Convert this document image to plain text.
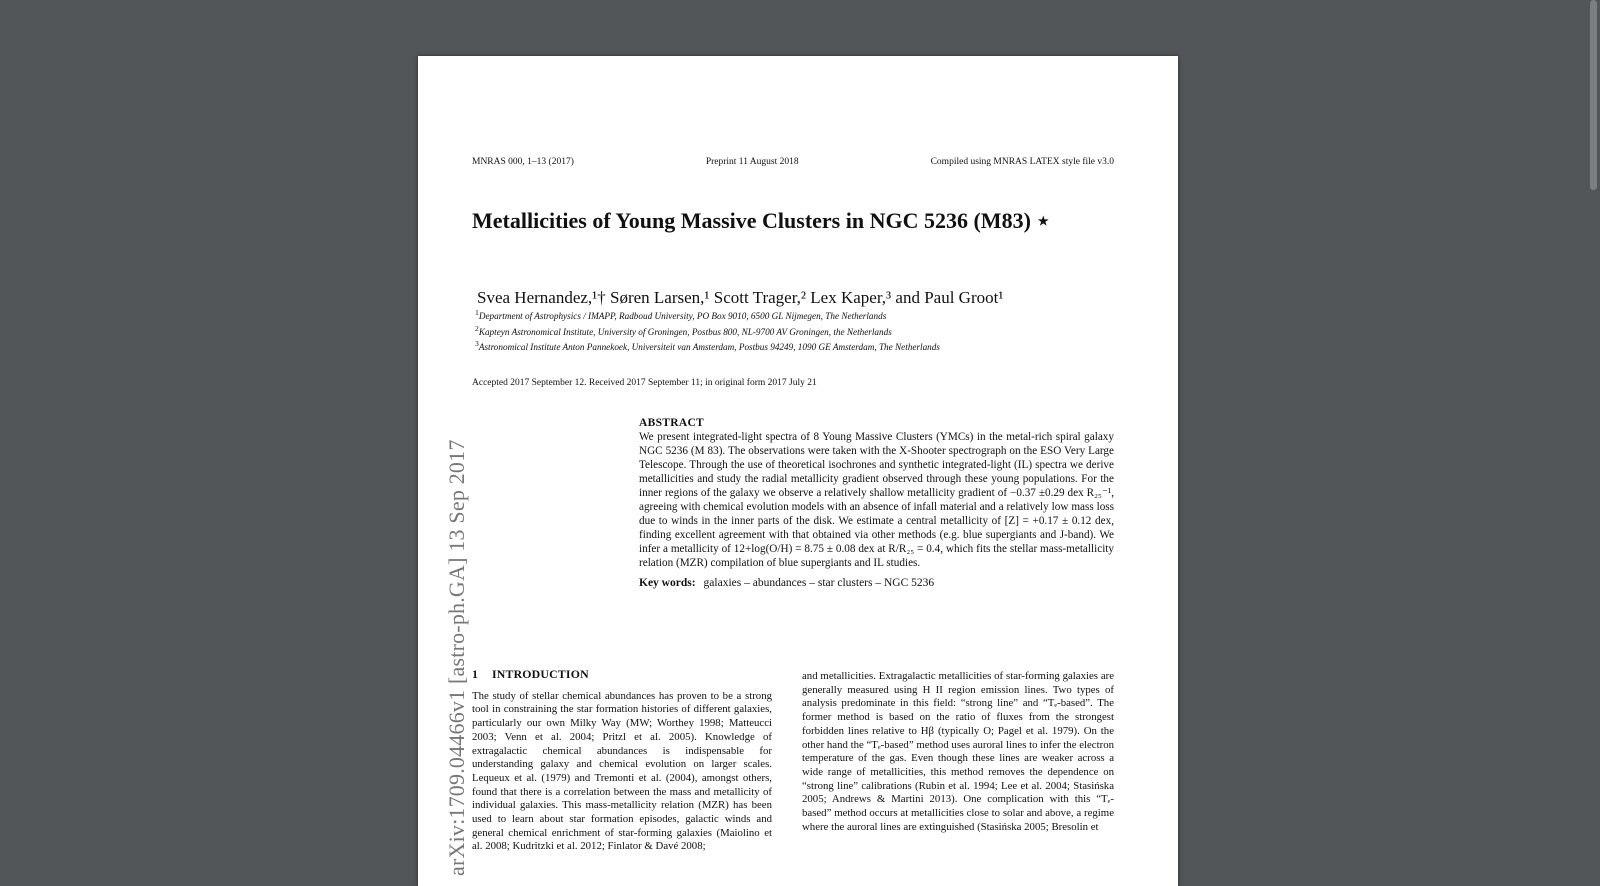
MNRAS 000, 1–13 (2017)	Preprint 11 August 2018	Compiled using MNRAS LATEX style file v3.0
Metallicities of Young Massive Clusters in NGC 5236 (M83) ⋆
Svea Hernandez,¹† Søren Larsen,¹ Scott Trager,² Lex Kaper,³ and Paul Groot¹
$^1$Department of Astrophysics / IMAPP, Radboud University, PO Box 9010, 6500 GL Nijmegen, The Netherlands
$^2$Kapteyn Astronomical Institute, University of Groningen, Postbus 800, NL-9700 AV Groningen, the Netherlands
$^3$Astronomical Institute Anton Pannekoek, Universiteit van Amsterdam, Postbus 94249, 1090 GE Amsterdam, The Netherlands
Accepted 2017 September 12. Received 2017 September 11; in original form 2017 July 21
ABSTRACT
We present integrated-light spectra of 8 Young Massive Clusters (YMCs) in the metal-rich spiral galaxy NGC 5236 (M 83). The observations were taken with the X-Shooter spectrograph on the ESO Very Large Telescope. Through the use of theoretical isochrones and synthetic integrated-light (IL) spectra we derive metallicities and study the radial metallicity gradient observed through these young populations. For the inner regions of the galaxy we observe a relatively shallow metallicity gradient of −0.37 ±0.29 dex R₂₅⁻¹, agreeing with chemical evolution models with an absence of infall material and a relatively low mass loss due to winds in the inner parts of the disk. We estimate a central metallicity of [Z] = +0.17 ± 0.12 dex, finding excellent agreement with that obtained via other methods (e.g. blue supergiants and J-band). We infer a metallicity of 12+log(O/H) = 8.75 ± 0.08 dex at R/R₂₅ = 0.4, which fits the stellar mass-metallicity relation (MZR) compilation of blue supergiants and IL studies.
Key words: galaxies – abundances – star clusters – NGC 5236
1 INTRODUCTION
The study of stellar chemical abundances has proven to be a strong tool in constraining the star formation histories of different galaxies, particularly our own Milky Way (MW; Worthey 1998; Matteucci 2003; Venn et al. 2004; Pritzl et al. 2005). Knowledge of extragalactic chemical abundances is indispensable for understanding galaxy and chemical evolution on larger scales. Lequeux et al. (1979) and Tremonti et al. (2004), amongst others, found that there is a correlation between the mass and metallicity of individual galaxies. This mass-metallicity relation (MZR) has been used to learn about star formation episodes, galactic winds and general chemical enrichment of star-forming galaxies (Maiolino et al. 2008; Kudritzki et al. 2012; Finlator & Davé 2008;
and metallicities. Extragalactic metallicities of star-forming galaxies are generally measured using H II region emission lines. Two types of analysis predominate in this field: “strong line” and “Tₑ-based”. The former method is based on the ratio of fluxes from the strongest forbidden lines relative to Hβ (typically O; Pagel et al. 1979). On the other hand the “Tₑ-based” method uses auroral lines to infer the electron temperature of the gas. Even though these lines are weaker across a wide range of metallicities, this method removes the dependence on “strong line” calibrations (Rubin et al. 1994; Lee et al. 2004; Stasińska 2005; Andrews & Martini 2013). One complication with this “Tₑ-based” method occurs at metallicities close to solar and above, a regime where the auroral lines are extinguished (Stasińska 2005; Bresolin et
arXiv:1709.04466v1 [astro-ph.GA] 13 Sep 2017
